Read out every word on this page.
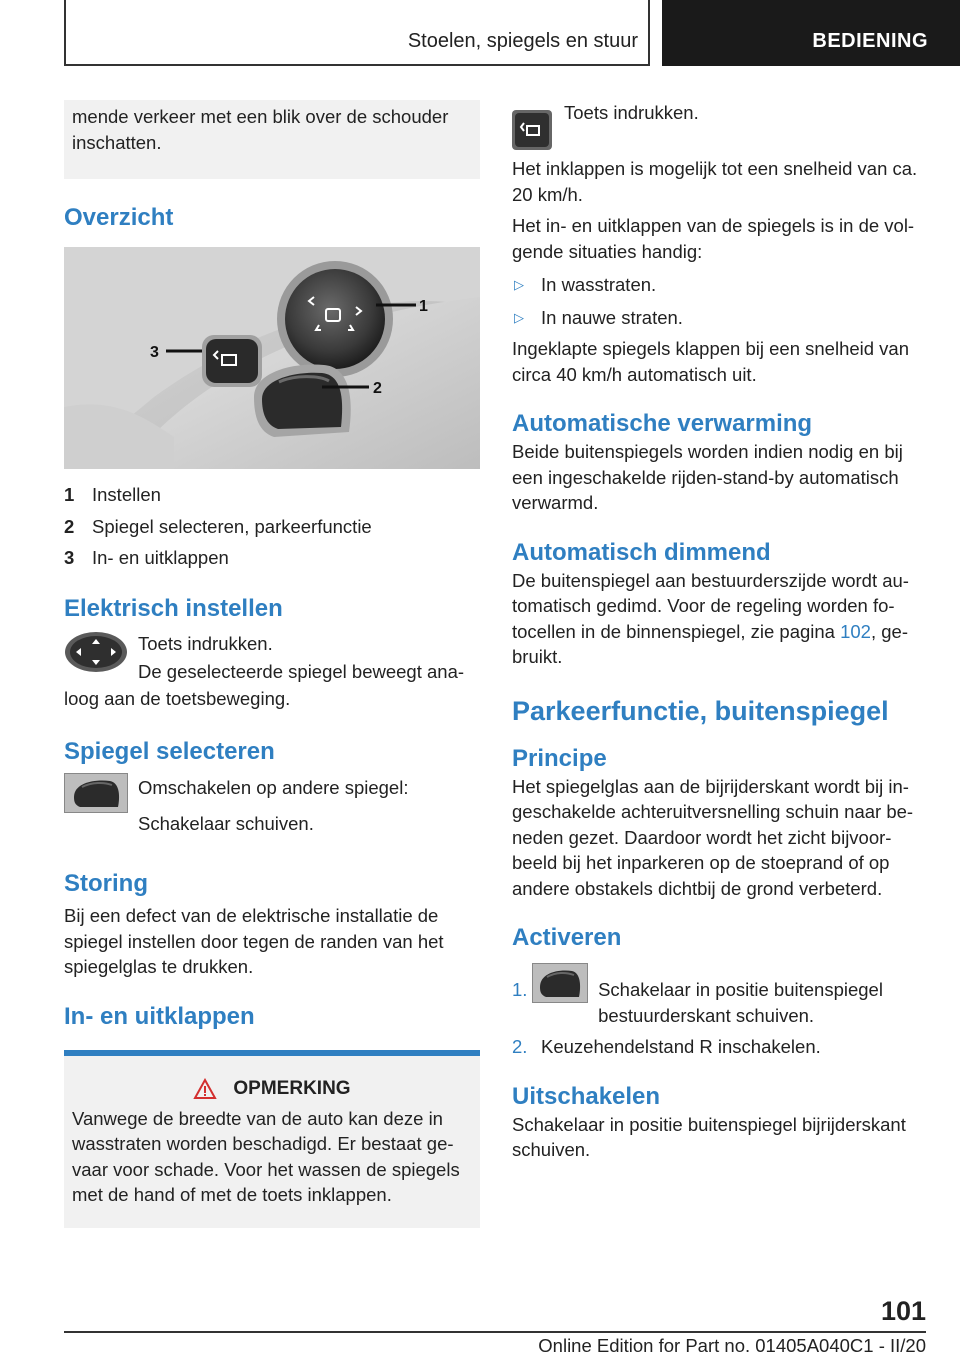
Stoelen, spiegels en stuur	BEDIENING

mende verkeer met een blik over de schouder inschatten.

Overzicht
1
2
3
1 Instellen
2 Spiegel selecteren, parkeerfunctie
3 In- en uitklappen
Elektrisch instellen

Toets indrukken.

De geselecteerde spiegel beweegt ana-

loog aan de toetsbeweging.

Spiegel selecteren

Omschakelen op andere spiegel:

Schakelaar schuiven.

Storing

Bij een defect van de elektrische installatie de spiegel instellen door tegen de randen van het spiegelglas te drukken.

In- en uitklappen
OPMERKING

Vanwege de breedte van de auto kan deze in wasstraten worden beschadigd. Er bestaat ge-vaar voor schade. Voor het wassen de spiegels met de hand of met de toets inklappen.

Toets indrukken.

Het inklappen is mogelijk tot een snelheid van ca. 20 km/h.

Het in- en uitklappen van de spiegels is in de vol-gende situaties handig:

▷ In wasstraten.
▷ In nauwe straten.

Ingeklapte spiegels klappen bij een snelheid van circa 40 km/h automatisch uit.

Automatische verwarming

Beide buitenspiegels worden indien nodig en bij een ingeschakelde rijden-stand-by automatisch verwarmd.

Automatisch dimmend

De buitenspiegel aan bestuurderszijde wordt au-tomatisch gedimd. Voor de regeling worden fo-tocellen in de binnenspiegel, zie pagina 102, ge-bruikt.

Parkeerfunctie, buitenspiegel
Principe

Het spiegelglas aan de bijrijderskant wordt bij in-geschakelde achteruitversnelling schuin naar be-neden gezet. Daardoor wordt het zicht bijvoor-beeld bij het inparkeren op de stoeprand of op andere obstakels dichtbij de grond verbeterd.

Activeren
1.	Schakelaar in positie buitenspiegel bestuurderskant schuiven.
2. Keuzehendelstand R inschakelen.
Uitschakelen

Schakelaar in positie buitenspiegel bijrijderskant schuiven.

101
Online Edition for Part no. 01405A040C1 - II/20
